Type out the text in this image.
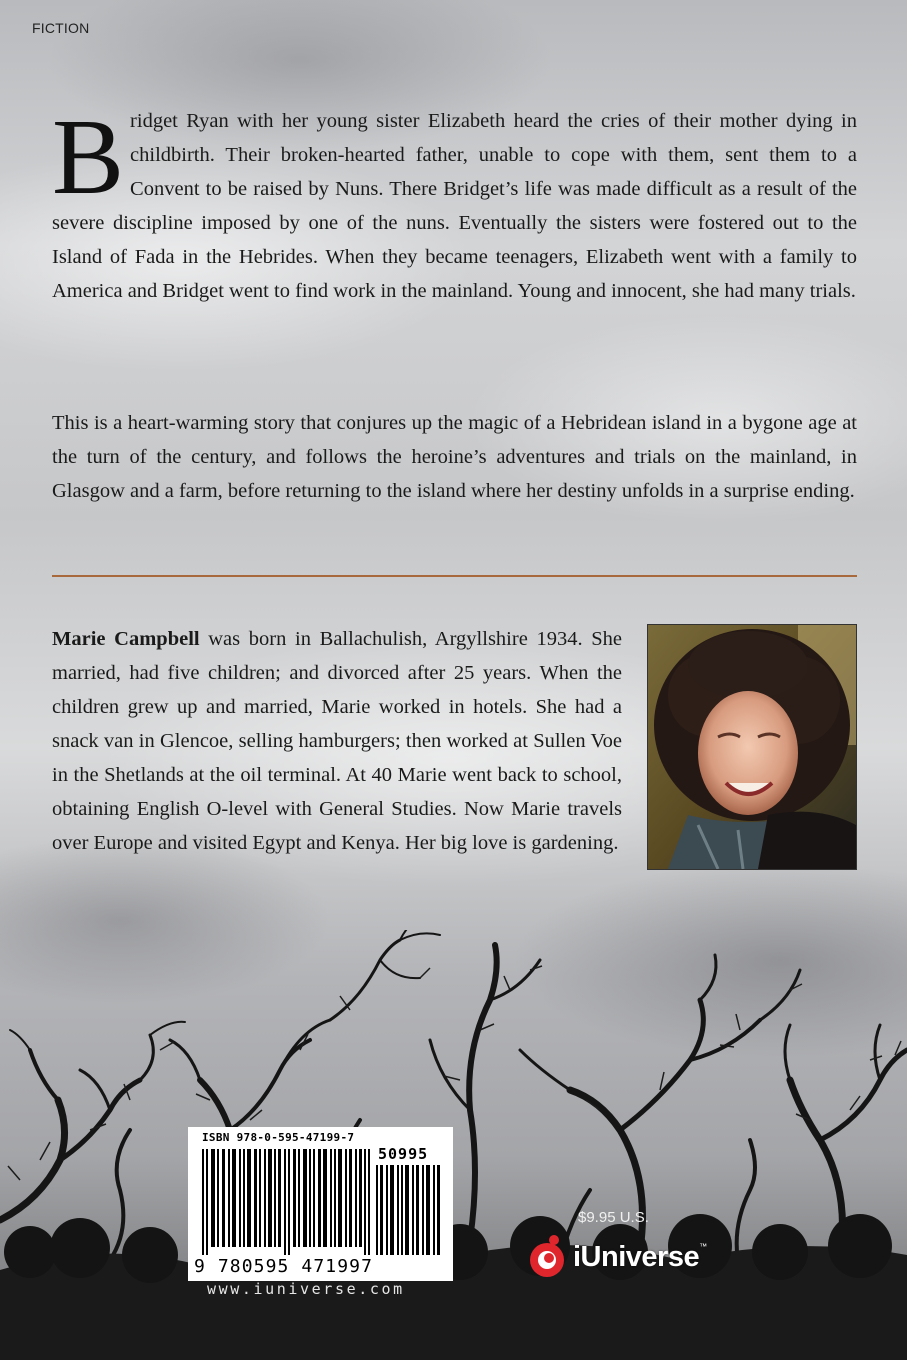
FICTION

Bridget Ryan with her young sister Elizabeth heard the cries of their mother dying in childbirth. Their broken-hearted father, unable to cope with them, sent them to a Convent to be raised by Nuns. There Bridget’s life was made difficult as a result of the severe discipline imposed by one of the nuns. Eventually the sisters were fostered out to the Island of Fada in the Hebrides. When they became teenagers, Elizabeth went with a family to America and Bridget went to find work in the mainland. Young and innocent, she had many trials.

This is a heart-warming story that conjures up the magic of a Hebridean island in a bygone age at the turn of the century, and follows the heroine’s adventures and trials on the mainland, in Glasgow and a farm, before returning to the island where her destiny unfolds in a surprise ending.

Marie Campbell was born in Ballachulish, Argyllshire 1934. She married, had five children; and divorced after 25 years. When the children grew up and married, Marie worked in hotels. She had a snack van in Glencoe, selling hamburgers; then worked at Sullen Voe in the Shetlands at the oil terminal. At 40 Marie went back to school, obtaining English O-level with General Studies. Now Marie travels over Europe and visited Egypt and Kenya. Her big love is gardening.

ISBN 978-0-595-47199-7
50995
9 780595 471997
www.iuniverse.com
$9.95 U.S.
iUniverse ™
